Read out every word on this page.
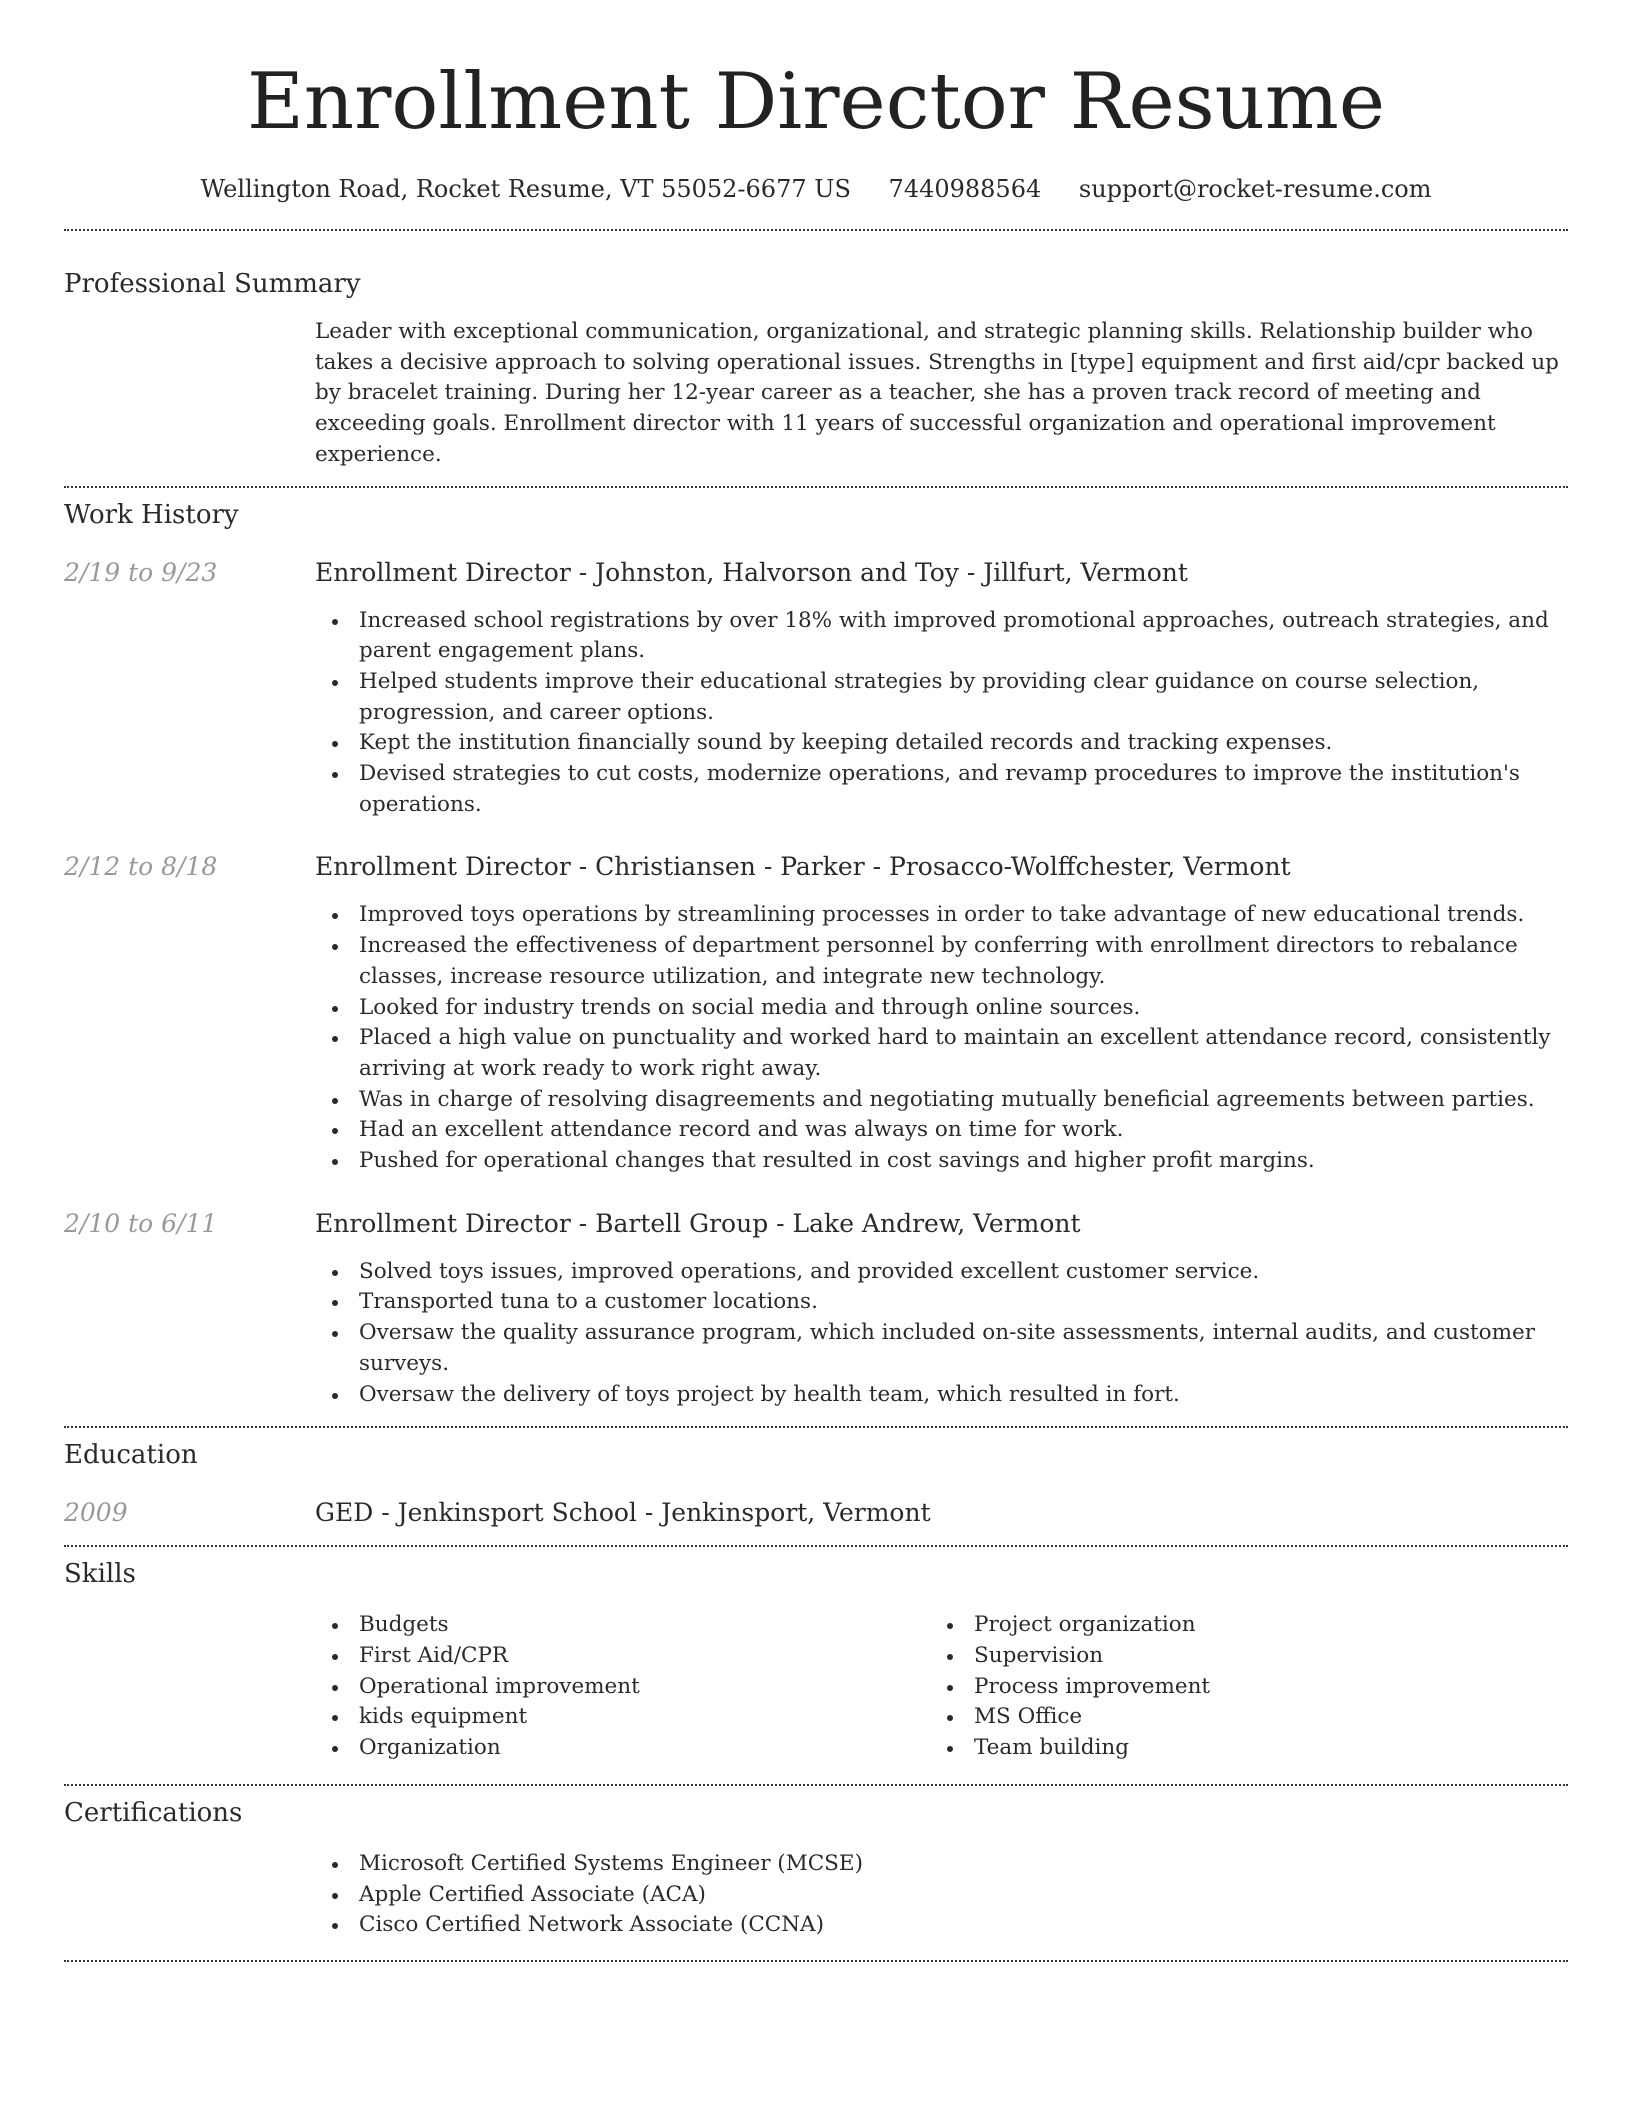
Enrollment Director Resume
Wellington Road, Rocket Resume, VT 55052-6677 US 7440988564 support@rocket-resume.com
Professional Summary

Leader with exceptional communication, organizational, and strategic planning skills. Relationship builder who takes a decisive approach to solving operational issues. Strengths in [type] equipment and first aid/cpr backed up by bracelet training. During her 12-year career as a teacher, she has a proven track record of meeting and exceeding goals. Enrollment director with 11 years of successful organization and operational improvement experience.

Work History
2/19 to 9/23	Enrollment Director - Johnston, Halvorson and Toy - Jillfurt, Vermont
Increased school registrations by over 18% with improved promotional approaches, outreach strategies, and parent engagement plans.
Helped students improve their educational strategies by providing clear guidance on course selection, progression, and career options.
Kept the institution financially sound by keeping detailed records and tracking expenses.
Devised strategies to cut costs, modernize operations, and revamp procedures to improve the institution's operations.
2/12 to 8/18	Enrollment Director - Christiansen - Parker - Prosacco-Wolffchester, Vermont
Improved toys operations by streamlining processes in order to take advantage of new educational trends.
Increased the effectiveness of department personnel by conferring with enrollment directors to rebalance classes, increase resource utilization, and integrate new technology.
Looked for industry trends on social media and through online sources.
Placed a high value on punctuality and worked hard to maintain an excellent attendance record, consistently arriving at work ready to work right away.
Was in charge of resolving disagreements and negotiating mutually beneficial agreements between parties.
Had an excellent attendance record and was always on time for work.
Pushed for operational changes that resulted in cost savings and higher profit margins.
2/10 to 6/11	Enrollment Director - Bartell Group - Lake Andrew, Vermont
Solved toys issues, improved operations, and provided excellent customer service.
Transported tuna to a customer locations.
Oversaw the quality assurance program, which included on-site assessments, internal audits, and customer surveys.
Oversaw the delivery of toys project by health team, which resulted in fort.
Education
2009	GED - Jenkinsport School - Jenkinsport, Vermont
Skills
Budgets
First Aid/CPR
Operational improvement
kids equipment
Organization
Project organization
Supervision
Process improvement
MS Office
Team building
Certifications
Microsoft Certified Systems Engineer (MCSE)
Apple Certified Associate (ACA)
Cisco Certified Network Associate (CCNA)
